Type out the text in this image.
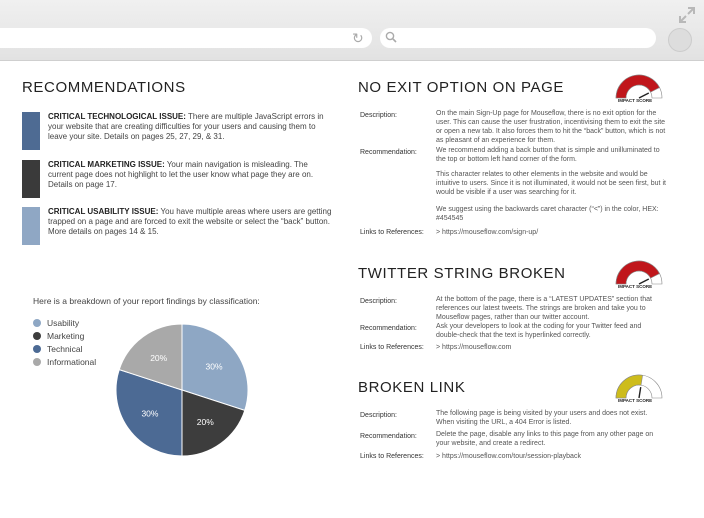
↻
RECOMMENDATIONS
CRITICAL TECHNOLOGICAL ISSUE: There are multiple JavaScript errors in your website that are creating difficulties for your users and causing them to leave your site. Details on pages 25, 27, 29, & 31.
CRITICAL MARKETING ISSUE: Your main navigation is misleading. The current page does not highlight to let the user know what page they are on. Details on page 17.
CRITICAL USABILITY ISSUE: You have multiple areas where users are getting trapped on a page and are forced to exit the website or select the “back” button. More details on pages 14 & 15.
Here is a breakdown of your report findings by classification:
Usability
Marketing
Technical
Informational	30%
20%
30%
20%
NO EXIT OPTION ON PAGE
IMPACT SCORE
Description:	On the main Sign-Up page for Mouseflow, there is no exit option for the user. This can cause the user frustration, incentivising them to exit the site or open a new tab. It also forces them to hit the “back” button, which is not as pleasant of an experience for them.
Recommendation:	We recommend adding a back button that is simple and unilluminated to the top or bottom left hand corner of the form.
This character relates to other elements in the website and would be intuitive to users. Since it is not illuminated, it would not be seen first, but it would be visible if a user was searching for it.
We suggest using the backwards caret character (“<”) in the color, HEX: #454545
Links to References: > https://mouseflow.com/sign-up/
TWITTER STRING BROKEN
IMPACT SCORE
Description:	At the bottom of the page, there is a “LATEST UPDATES” section that references our latest tweets. The strings are broken and take you to Mouseflow pages, rather than our twitter account.
Recommendation:	Ask your developers to look at the coding for your Twitter feed and double-check that the text is hyperlinked correctly.
Links to References: > https://mouseflow.com
BROKEN LINK
IMPACT SCORE
Description:	The following page is being visited by your users and does not exist. When visiting the URL, a 404 Error is listed.
Recommendation:	Delete the page, disable any links to this page from any other page on your website, and create a redirect.
Links to References: > https://mouseflow.com/tour/session-playback
